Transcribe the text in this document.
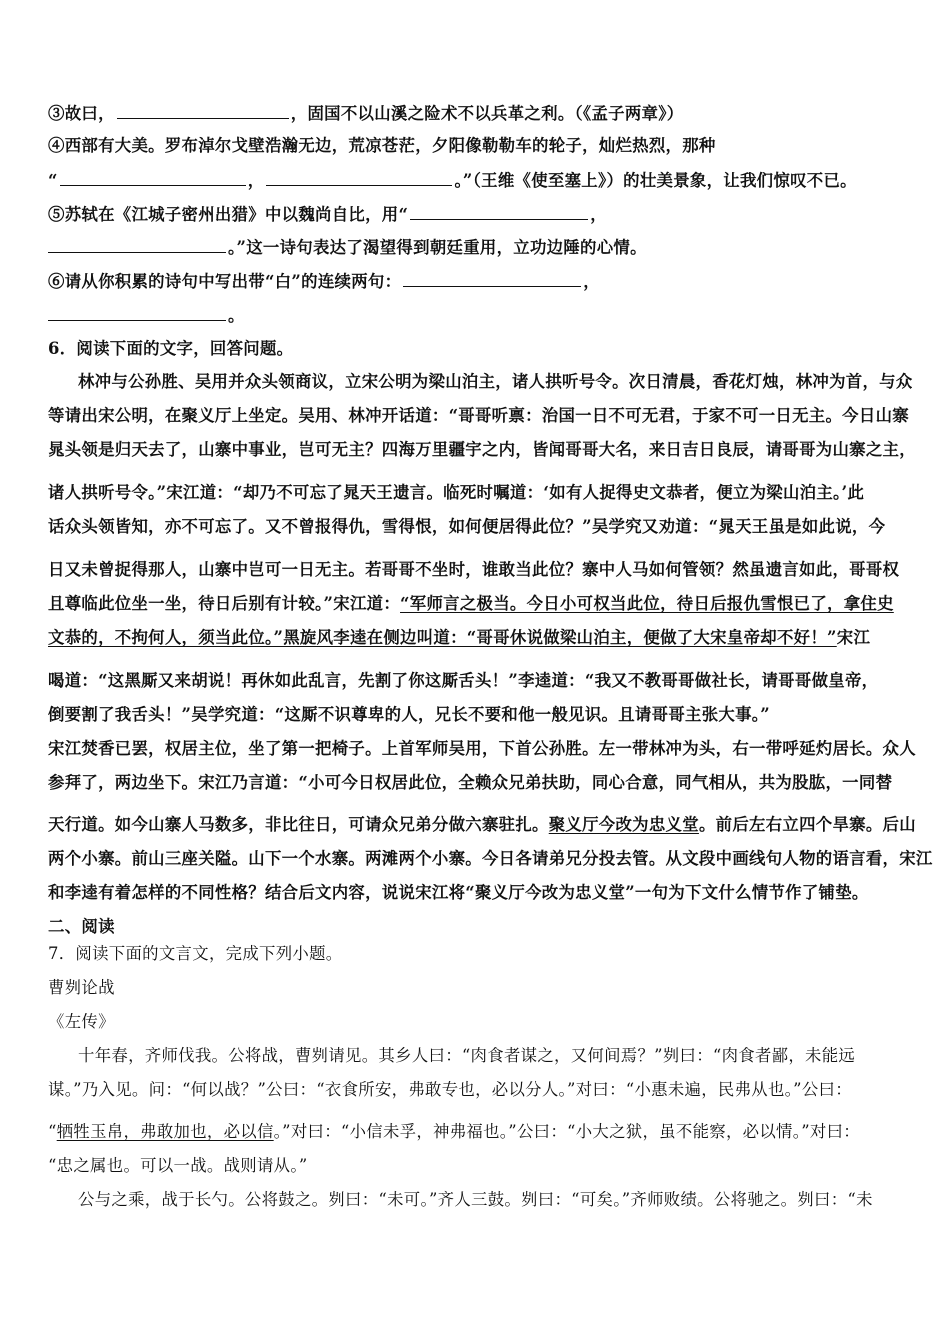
③故曰，	，固国不以山溪之险术不以兵革之利。（《孟子两章》）
④西部有大美。罗布淖尔戈壁浩瀚无边，荒凉苍茫，夕阳像勒勒车的轮子，灿烂热烈，那种
“	，	。”（王维《使至塞上》）的壮美景象，让我们惊叹不已。
⑤苏轼在《江城子密州出猎》中以魏尚自比，用“	，
。”这一诗句表达了渴望得到朝廷重用，立功边陲的心情。
⑥请从你积累的诗句中写出带“白”的连续两句：	，
。
6．阅读下面的文字，回答问题。
林冲与公孙胜、吴用并众头领商议，立宋公明为梁山泊主，诸人拱听号令。次日清晨，香花灯烛，林冲为首，与众
等请出宋公明，在聚义厅上坐定。吴用、林冲开话道：“哥哥听禀：治国一日不可无君，于家不可一日无主。今日山寨
晁头领是归天去了，山寨中事业，岂可无主？四海万里疆宇之内，皆闻哥哥大名，来日吉日良辰，请哥哥为山寨之主，
诸人拱听号令。”宋江道：“却乃不可忘了晁天王遗言。临死时嘱道：‘如有人捉得史文恭者，便立为梁山泊主。’此
话众头领皆知，亦不可忘了。又不曾报得仇，雪得恨，如何便居得此位？”吴学究又劝道：“晁天王虽是如此说，今
日又未曾捉得那人，山寨中岂可一日无主。若哥哥不坐时，谁敢当此位？寨中人马如何管领？然虽遗言如此，哥哥权
且尊临此位坐一坐，待日后别有计较。”宋江道：“军师言之极当。今日小可权当此位，待日后报仇雪恨已了，拿住史
文恭的，不拘何人，须当此位。”黑旋风李逵在侧边叫道：“哥哥休说做梁山泊主，便做了大宋皇帝却不好！”宋江
喝道：“这黑厮又来胡说！再休如此乱言，先割了你这厮舌头！”李逵道：“我又不教哥哥做社长，请哥哥做皇帝，
倒要割了我舌头！”吴学究道：“这厮不识尊卑的人，兄长不要和他一般见识。且请哥哥主张大事。”
宋江焚香已罢，权居主位，坐了第一把椅子。上首军师吴用，下首公孙胜。左一带林冲为头，右一带呼延灼居长。众人
参拜了，两边坐下。宋江乃言道：“小可今日权居此位，全赖众兄弟扶助，同心合意，同气相从，共为股肱，一同替
天行道。如今山寨人马数多，非比往日，可请众兄弟分做六寨驻扎。聚义厅今改为忠义堂。前后左右立四个旱寨。后山
两个小寨。前山三座关隘。山下一个水寨。两滩两个小寨。今日各请弟兄分投去管。从文段中画线句人物的语言看，宋江
和李逵有着怎样的不同性格？结合后文内容，说说宋江将“聚义厅今改为忠义堂”一句为下文什么情节作了铺垫。
二、阅读
7．阅读下面的文言文，完成下列小题。
曹刿论战
《左传》
十年春，齐师伐我。公将战，曹刿请见。其乡人曰：“肉食者谋之，又何间焉？”刿曰：“肉食者鄙，未能远
谋。”乃入见。问：“何以战？”公曰：“衣食所安，弗敢专也，必以分人。”对曰：“小惠未遍，民弗从也。”公曰：
“牺牲玉帛，弗敢加也，必以信。”对曰：“小信未孚，神弗福也。”公曰：“小大之狱，虽不能察，必以情。”对曰：
“忠之属也。可以一战。战则请从。”
公与之乘，战于长勺。公将鼓之。刿曰：“未可。”齐人三鼓。刿曰：“可矣。”齐师败绩。公将驰之。刿曰：“未
